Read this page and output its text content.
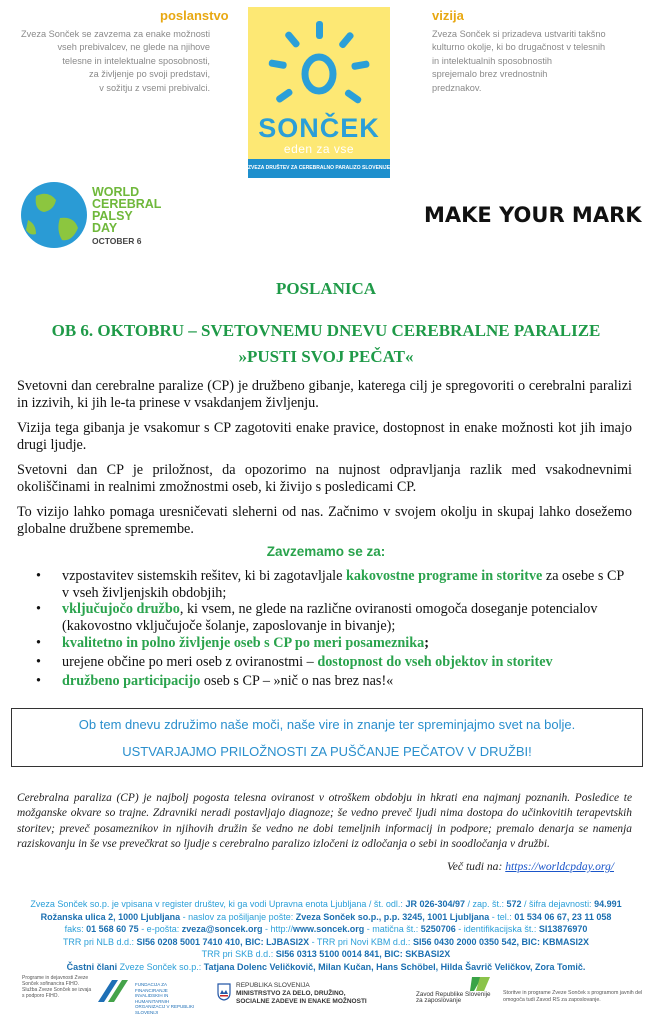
poslanstvo
Zveza Sonček se zavzema za enake možnosti
vseh prebivalcev, ne glede na njihove
telesne in intelektualne sposobnosti,
za življenje po svoji predstavi,
v sožitju z vsemi prebivalci.
vizija
Zveza Sonček si prizadeva ustvariti takšno
kulturno okolje, ki bo drugačnost v telesnih
in intelektualnih sposobnostih
sprejemalo brez vrednostnih
predznakov.
SONČEK
eden za vse
ZVEZA DRUŠTEV ZA CEREBRALNO PARALIZO SLOVENIJE
WORLD
CEREBRAL
PALSY
DAY
OCTOBER 6
MAKE YOUR MARK
POSLANICA
OB 6. OKTOBRU – SVETOVNEMU DNEVU CEREBRALNE PARALIZE
»PUSTI SVOJ PEČAT«

Svetovni dan cerebralne paralize (CP) je družbeno gibanje, katerega cilj je spregovoriti o cerebralni paralizi in izzivih, ki jih le-ta prinese v vsakdanjem življenju.

Vizija tega gibanja je vsakomur s CP zagotoviti enake pravice, dostopnost in enake možnosti kot jih imajo drugi ljudje.

Svetovni dan CP je priložnost, da opozorimo na nujnost odpravljanja razlik med vsakodnevnimi okoliščinami in realnimi zmožnostmi oseb, ki živijo s posledicami CP.

To vizijo lahko pomaga uresničevati sleherni od nas. Začnimo v svojem okolju in skupaj lahko dosežemo globalne družbene spremembe.

Zavzemamo se za:
• vzpostavitev sistemskih rešitev, ki bi zagotavljale kakovostne programe in storitve za osebe s CP v vseh življenjskih obdobjih;
• vključujočo družbo, ki vsem, ne glede na različne oviranosti omogoča doseganje potencialov (kakovostno vključujoče šolanje, zaposlovanje in bivanje);
• kvalitetno in polno življenje oseb s CP po meri posameznika;
• urejene občine po meri oseb z oviranostmi – dostopnost do vseh objektov in storitev
• družbeno participacijo oseb s CP – »nič o nas brez nas!«
Ob tem dnevu združimo naše moči, naše vire in znanje ter spreminjajmo svet na bolje.
USTVARJAJMO PRILOŽNOSTI ZA PUŠČANJE PEČATOV V DRUŽBI!

Cerebralna paraliza (CP) je najbolj pogosta telesna oviranost v otroškem obdobju in hkrati ena najmanj poznanih. Posledice te možganske okvare so trajne. Zdravniki neradi postavljajo diagnoze; še vedno preveč ljudi nima dostopa do učinkovitih terapevtskih storitev; preveč posameznikov in njihovih družin še vedno ne dobi temeljnih informacij in podpore; premalo denarja se namenja raziskovanju in še vse prevečkrat so ljudje s cerebralno paralizo izločeni iz odločanja o sebi in soodločanja v družbi.

Več tudi na: https://worldcpday.org/
Zveza Sonček so.p. je vpisana v register društev, ki ga vodi Upravna enota Ljubljana / št. odl.: JR 026-304/97 / zap. št.: 572 / šifra dejavnosti: 94.991
Rožanska ulica 2, 1000 Ljubljana - naslov za pošiljanje pošte: Zveza Sonček so.p., p.p. 3245, 1001 Ljubljana - tel.: 01 534 06 67, 23 11 058
faks: 01 568 60 75 - e-pošta: zveza@soncek.org - http://www.soncek.org - matična št.: 5250706 - identifikacijska št.: SI13876970
TRR pri NLB d.d.: SI56 0208 5001 7410 410, BIC: LJBASI2X - TRR pri Novi KBM d.d.: SI56 0430 2000 0350 542, BIC: KBMASI2X
TRR pri SKB d.d.: SI56 0313 5100 0014 841, BIC: SKBASI2X
Častni člani Zveze Sonček so.p.: Tatjana Dolenc Veličkovič, Milan Kučan, Hans Schöbel, Hilda Šavrič Veličkov, Zora Tomič.
Programe in dejavnosti Zveze Sonček sofinancira FIHO. Služba Zveze Sonček se izvaja s podporo FIHO.
FUNDACIJA ZA FINANCIRANJE INVALIDSKIH IN HUMANITARNIH ORGANIZACIJ V REPUBLIKI SLOVENIJI
REPUBLIKA SLOVENIJA
MINISTRSTVO ZA DELO, DRUŽINO,
SOCIALNE ZADEVE IN ENAKE MOŽNOSTI
Zavod Republike Slovenije za zaposlovanje
Storitve in programe Zveze Sonček s programom javnih del omogoča tudi Zavod RS za zaposlovanje.
